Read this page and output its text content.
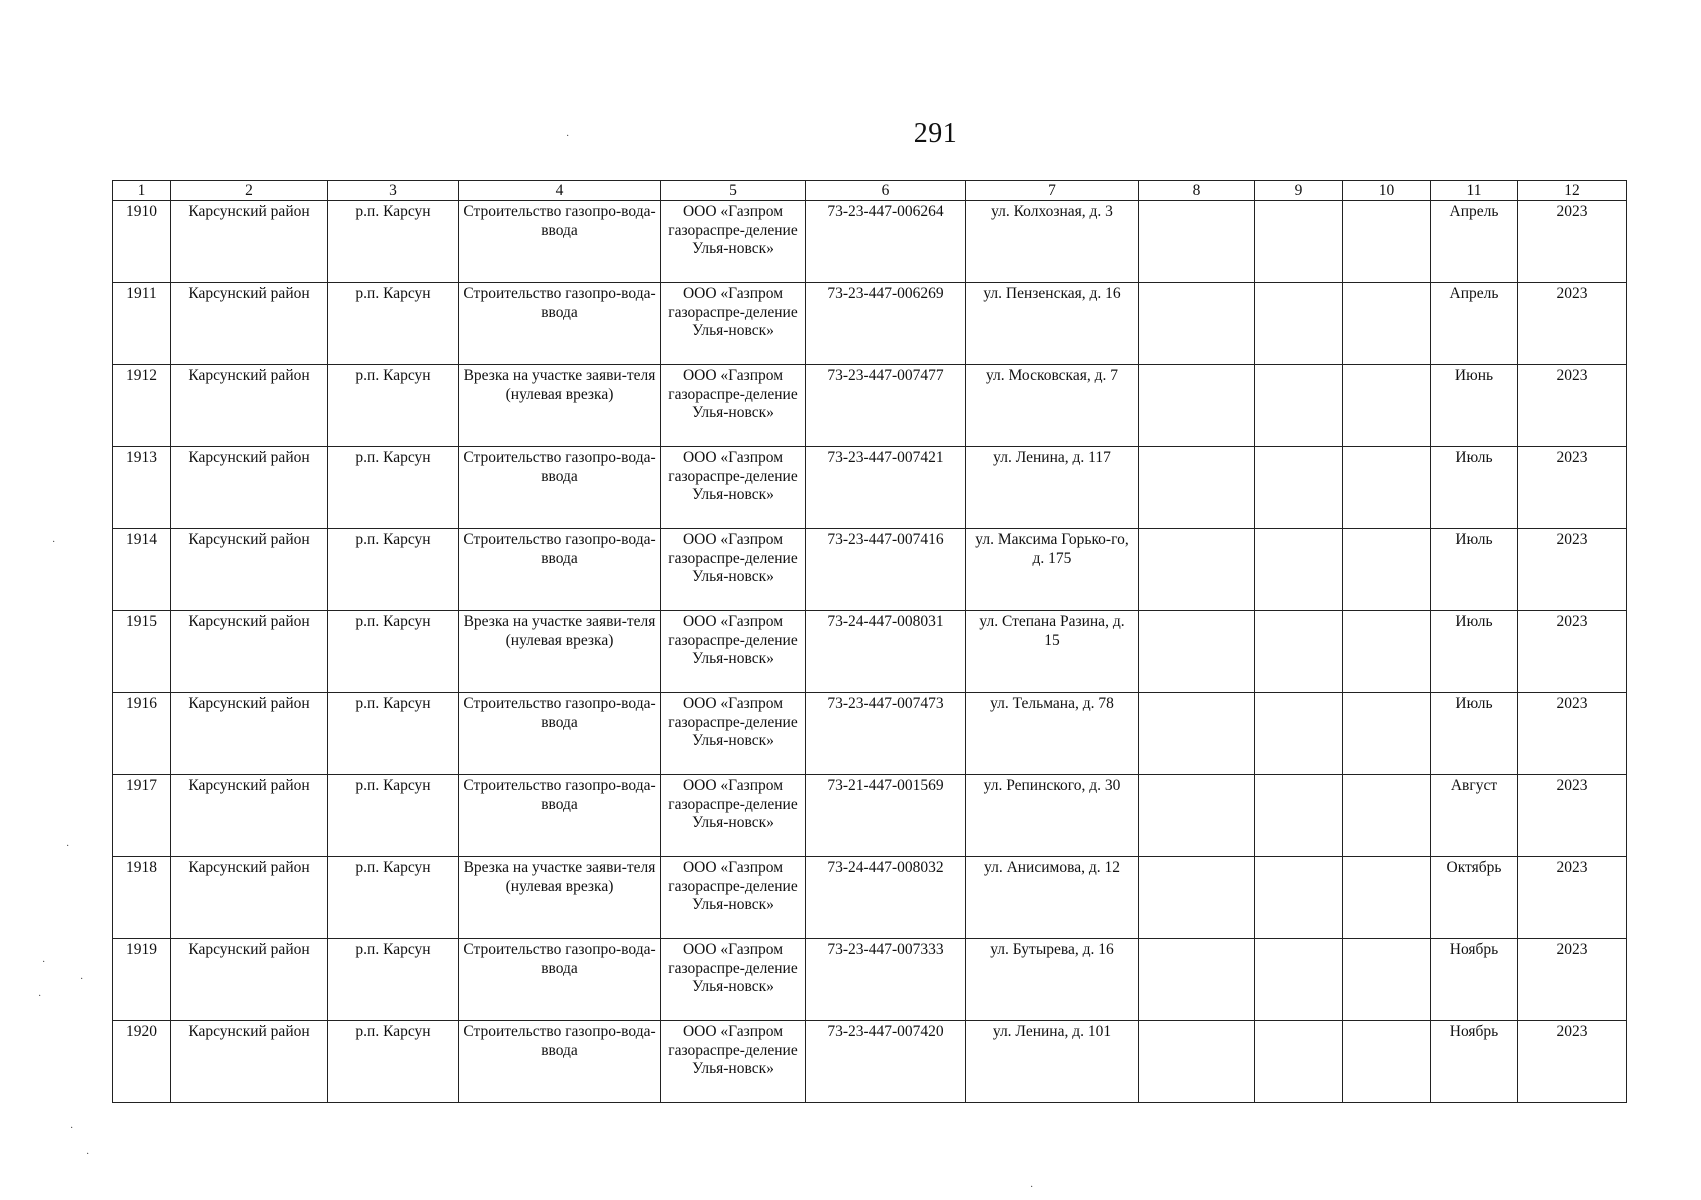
291
·
·
·
·
·
·
·
·
·
1	2	3	4	5	6	7	8	9	10	11	12
1910	Карсунский район	р.п. Карсун	Строительство газопро-вода-ввода	ООО «Газпром газораспре-деление Улья-новск»	73-23-447-006264	ул. Колхозная, д. 3				Апрель	2023
1911	Карсунский район	р.п. Карсун	Строительство газопро-вода-ввода	ООО «Газпром газораспре-деление Улья-новск»	73-23-447-006269	ул. Пензенская, д. 16				Апрель	2023
1912	Карсунский район	р.п. Карсун	Врезка на участке заяви-теля (нулевая врезка)	ООО «Газпром газораспре-деление Улья-новск»	73-23-447-007477	ул. Московская, д. 7				Июнь	2023
1913	Карсунский район	р.п. Карсун	Строительство газопро-вода-ввода	ООО «Газпром газораспре-деление Улья-новск»	73-23-447-007421	ул. Ленина, д. 117				Июль	2023
1914	Карсунский район	р.п. Карсун	Строительство газопро-вода-ввода	ООО «Газпром газораспре-деление Улья-новск»	73-23-447-007416	ул. Максима Горько-го, д. 175				Июль	2023
1915	Карсунский район	р.п. Карсун	Врезка на участке заяви-теля (нулевая врезка)	ООО «Газпром газораспре-деление Улья-новск»	73-24-447-008031	ул. Степана Разина, д. 15				Июль	2023
1916	Карсунский район	р.п. Карсун	Строительство газопро-вода-ввода	ООО «Газпром газораспре-деление Улья-новск»	73-23-447-007473	ул. Тельмана, д. 78				Июль	2023
1917	Карсунский район	р.п. Карсун	Строительство газопро-вода-ввода	ООО «Газпром газораспре-деление Улья-новск»	73-21-447-001569	ул. Репинского, д. 30				Август	2023
1918	Карсунский район	р.п. Карсун	Врезка на участке заяви-теля (нулевая врезка)	ООО «Газпром газораспре-деление Улья-новск»	73-24-447-008032	ул. Анисимова, д. 12				Октябрь	2023
1919	Карсунский район	р.п. Карсун	Строительство газопро-вода-ввода	ООО «Газпром газораспре-деление Улья-новск»	73-23-447-007333	ул. Бутырева, д. 16				Ноябрь	2023
1920	Карсунский район	р.п. Карсун	Строительство газопро-вода-ввода	ООО «Газпром газораспре-деление Улья-новск»	73-23-447-007420	ул. Ленина, д. 101				Ноябрь	2023
